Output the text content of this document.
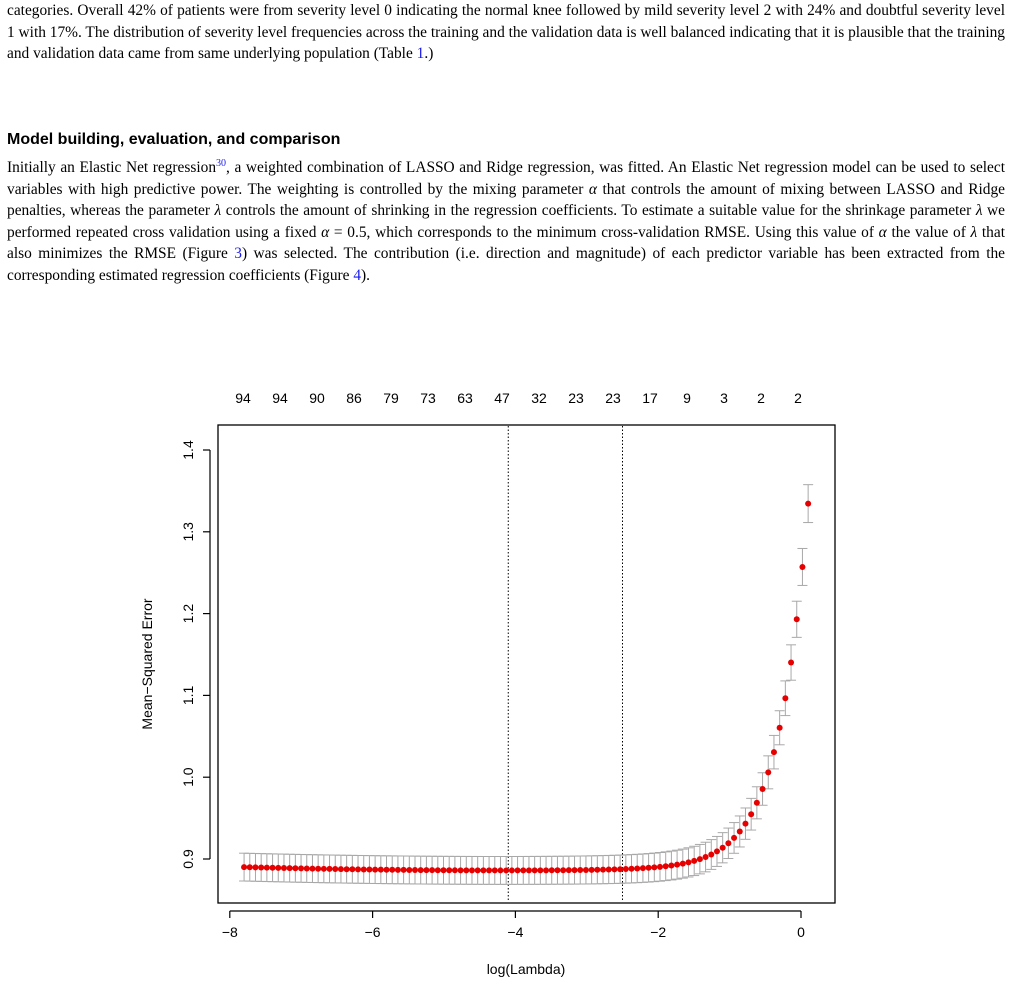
categories. Overall 42% of patients were from severity level 0 indicating the normal knee followed by mild severity level 2 with 24% and doubtful severity level 1 with 17%. The distribution of severity level frequencies across the training and the validation data is well balanced indicating that it is plausible that the training and validation data came from same underlying population (Table 1.)

Model building, evaluation, and comparison

Initially an Elastic Net regression$^{30}$, a weighted combination of LASSO and Ridge regression, was fitted. An Elastic Net regression model can be used to select variables with high predictive power. The weighting is controlled by the mixing parameter α that controls the amount of mixing between LASSO and Ridge penalties, whereas the parameter λ controls the amount of shrinking in the regression coefficients. To estimate a suitable value for the shrinkage parameter λ we performed repeated cross validation using a fixed α = 0.5, which corresponds to the minimum cross-validation RMSE. Using this value of α the value of λ that also minimizes the RMSE (Figure 3) was selected. The contribution (i.e. direction and magnitude) of each predictor variable has been extracted from the corresponding estimated regression coefficients (Figure 4).

94 94 90 86 79 73 63 47 32 23 23 17 9 3 2 2
−8	−6	−4	−2	0
0.9
1.0
1.1
1.2
1.3
1.4
log(Lambda)
Mean−Squared Error
